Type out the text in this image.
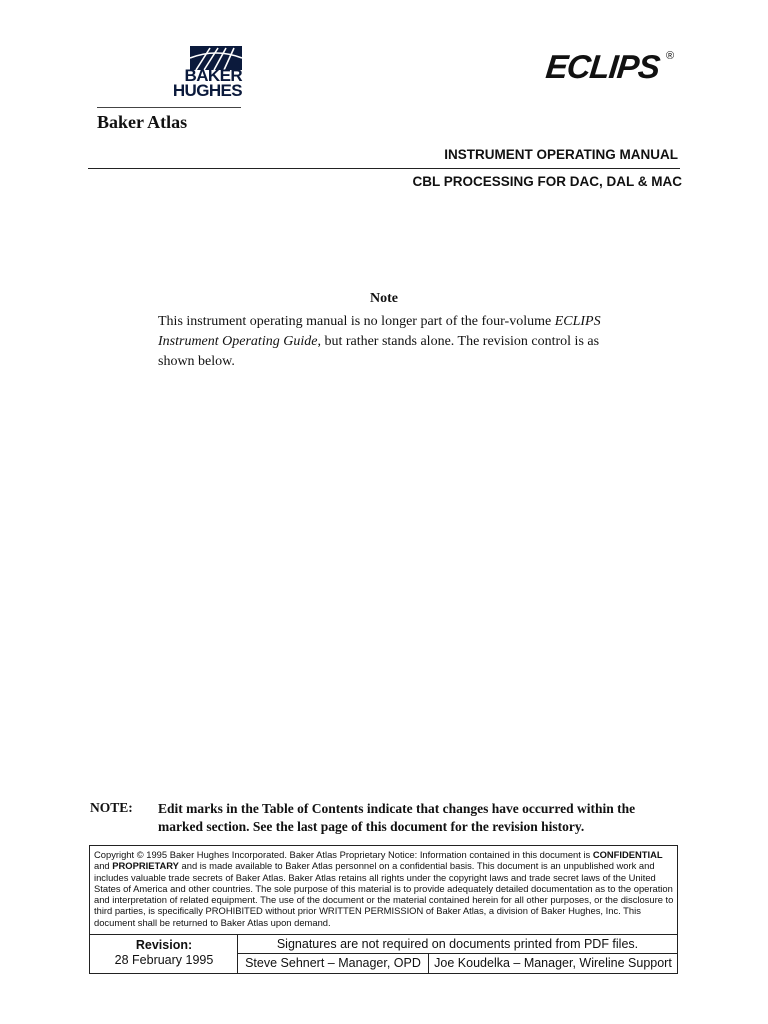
BAKER
HUGHES
Baker Atlas
ECLIPS ®
INSTRUMENT OPERATING MANUAL
CBL PROCESSING FOR DAC, DAL & MAC
Note
This instrument operating manual is no longer part of the four-volume ECLIPS Instrument Operating Guide, but rather stands alone. The revision control is as shown below.
NOTE: Edit marks in the Table of Contents indicate that changes have occurred within the marked section. See the last page of this document for the revision history.
Copyright © 1995 Baker Hughes Incorporated. Baker Atlas Proprietary Notice: Information contained in this document is CONFIDENTIAL and PROPRIETARY and is made available to Baker Atlas personnel on a confidential basis. This document is an unpublished work and includes valuable trade secrets of Baker Atlas. Baker Atlas retains all rights under the copyright laws and trade secret laws of the United States of America and other countries. The sole purpose of this material is to provide adequately detailed documentation as to the operation and interpretation of related equipment. The use of the document or the material contained herein for all other purposes, or the disclosure to third parties, is specifically PROHIBITED without prior WRITTEN PERMISSION of Baker Atlas, a division of Baker Hughes, Inc. This document shall be returned to Baker Atlas upon demand.
Revision:
28 February 1995
Signatures are not required on documents printed from PDF files.
Steve Sehnert – Manager, OPD	Joe Koudelka – Manager, Wireline Support
